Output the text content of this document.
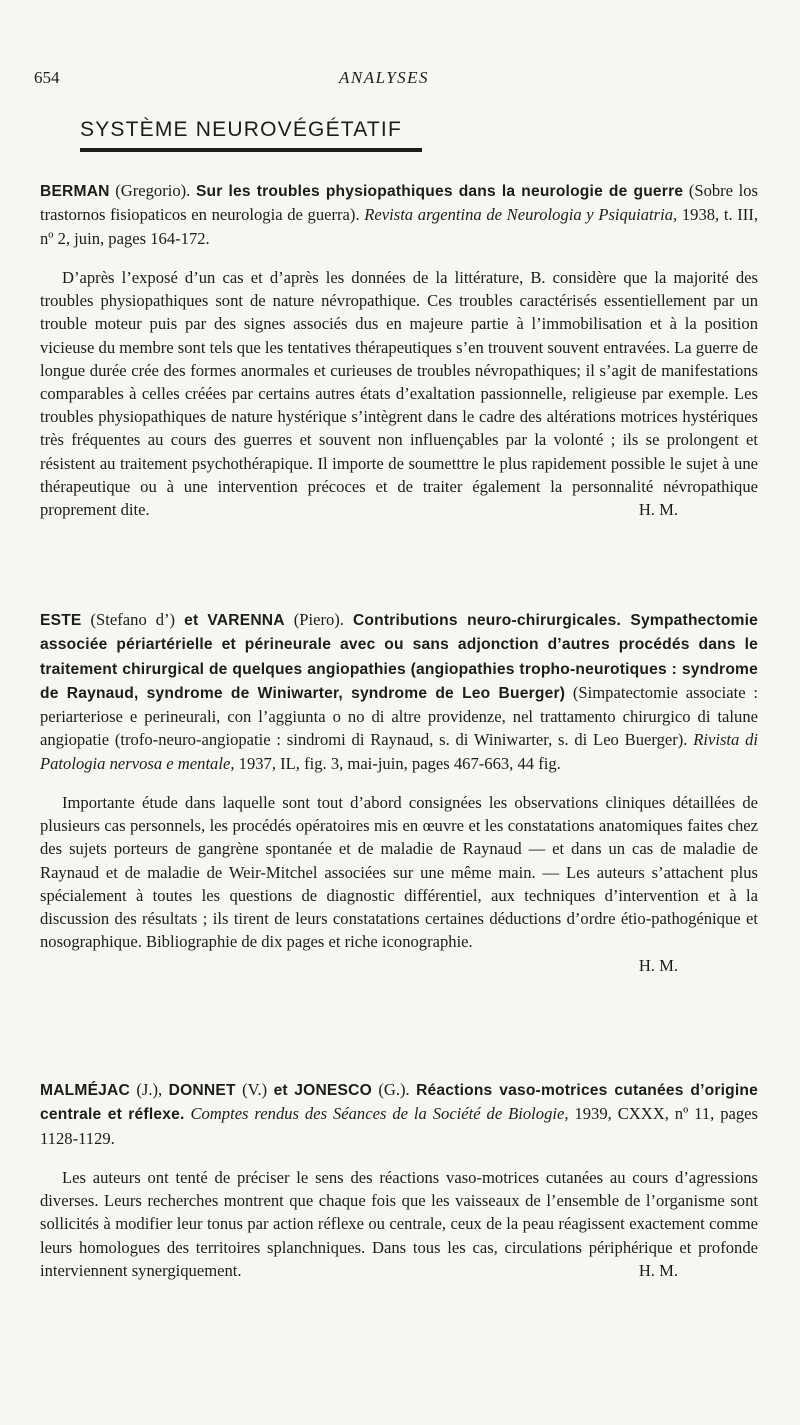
654	ANALYSES
SYSTÈME NEUROVÉGÉTATIF

BERMAN (Gregorio). Sur les troubles physiopathiques dans la neurologie de guerre (Sobre los trastornos fisiopaticos en neurologia de guerra). Revista argentina de Neurologia y Psiquiatria, 1938, t. III, nº 2, juin, pages 164-172.

D’après l’exposé d’un cas et d’après les données de la littérature, B. considère que la majorité des troubles physiopathiques sont de nature névropathique. Ces troubles caractérisés essentiellement par un trouble moteur puis par des signes associés dus en majeure partie à l’immobilisation et à la position vicieuse du membre sont tels que les tentatives thérapeutiques s’en trouvent souvent entravées. La guerre de longue durée crée des formes anormales et curieuses de troubles névropathiques; il s’agit de manifestations comparables à celles créées par certains autres états d’exaltation passionnelle, religieuse par exemple. Les troubles physiopathiques de nature hystérique s’intègrent dans le cadre des altérations motrices hystériques très fréquentes au cours des guerres et souvent non influençables par la volonté ; ils se prolongent et résistent au traitement psychothérapique. Il importe de soumetttre le plus rapidement possible le sujet à une thérapeutique ou à une intervention précoces et de traiter également la personnalité névropathique proprement dite.	H. M.

ESTE (Stefano d’) et VARENNA (Piero). Contributions neuro-chirurgicales. Sympathectomie associée périartérielle et périneurale avec ou sans adjonction d’autres procédés dans le traitement chirurgical de quelques angiopathies (angiopathies tropho-neurotiques : syndrome de Raynaud, syndrome de Winiwarter, syndrome de Leo Buerger) (Simpatectomie associate : periarteriose e perineurali, con l’aggiunta o no di altre providenze, nel trattamento chirurgico di talune angiopatie (trofo-neuro-angiopatie : sindromi di Raynaud, s. di Winiwarter, s. di Leo Buerger). Rivista di Patologia nervosa e mentale, 1937, IL, fig. 3, mai-juin, pages 467-663, 44 fig.

Importante étude dans laquelle sont tout d’abord consignées les observations cliniques détaillées de plusieurs cas personnels, les procédés opératoires mis en œuvre et les constatations anatomiques faites chez des sujets porteurs de gangrène spontanée et de maladie de Raynaud — et dans un cas de maladie de Raynaud et de maladie de Weir-Mitchel associées sur une même main. — Les auteurs s’attachent plus spécialement à toutes les questions de diagnostic différentiel, aux techniques d’intervention et à la discussion des résultats ; ils tirent de leurs constatations certaines déductions d’ordre étio-pathogénique et nosographique. Bibliographie de dix pages et riche iconographie.

H. M.

MALMÉJAC (J.), DONNET (V.) et JONESCO (G.). Réactions vaso-motrices cutanées d’origine centrale et réflexe. Comptes rendus des Séances de la Société de Biologie, 1939, CXXX, nº 11, pages 1128-1129.

Les auteurs ont tenté de préciser le sens des réactions vaso-motrices cutanées au cours d’agressions diverses. Leurs recherches montrent que chaque fois que les vaisseaux de l’ensemble de l’organisme sont sollicités à modifier leur tonus par action réflexe ou centrale, ceux de la peau réagissent exactement comme leurs homologues des territoires splanchniques. Dans tous les cas, circulations périphérique et profonde interviennent synergiquement.	H. M.
